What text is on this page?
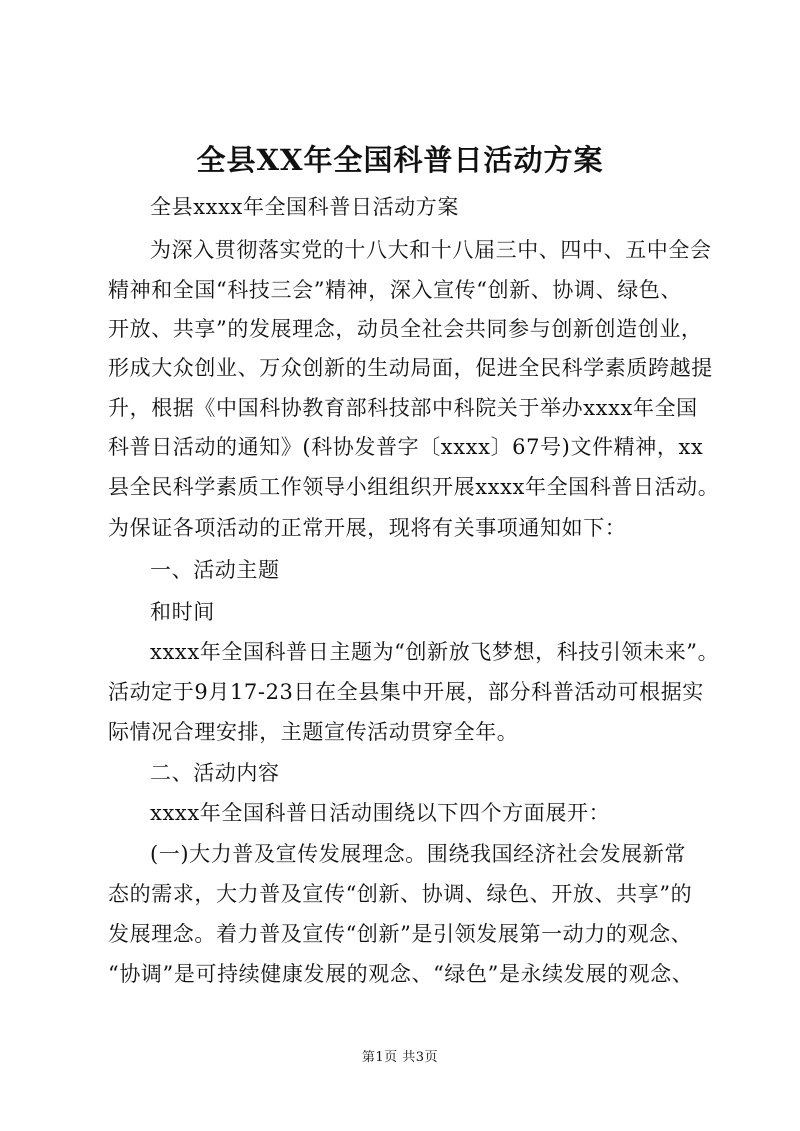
全县XX年全国科普日活动方案
全县xxxx年全国科普日活动方案
为深入贯彻落实党的十八大和十八届三中、四中、五中全会
精神和全国“科技三会”精神，深入宣传“创新、协调、绿色、
开放、共享”的发展理念，动员全社会共同参与创新创造创业，
形成大众创业、万众创新的生动局面，促进全民科学素质跨越提
升，根据《中国科协教育部科技部中科院关于举办xxxx年全国
科普日活动的通知》(科协发普字〔xxxx〕67号)文件精神，xx
县全民科学素质工作领导小组组织开展xxxx年全国科普日活动。
为保证各项活动的正常开展，现将有关事项通知如下：
一、活动主题
和时间
xxxx年全国科普日主题为“创新放飞梦想，科技引领未来”。
活动定于9月17-23日在全县集中开展，部分科普活动可根据实
际情况合理安排，主题宣传活动贯穿全年。
二、活动内容
xxxx年全国科普日活动围绕以下四个方面展开：
(一)大力普及宣传发展理念。围绕我国经济社会发展新常
态的需求，大力普及宣传“创新、协调、绿色、开放、共享”的
发展理念。着力普及宣传“创新”是引领发展第一动力的观念、
“协调”是可持续健康发展的观念、“绿色”是永续发展的观念、
第1页 共3页
